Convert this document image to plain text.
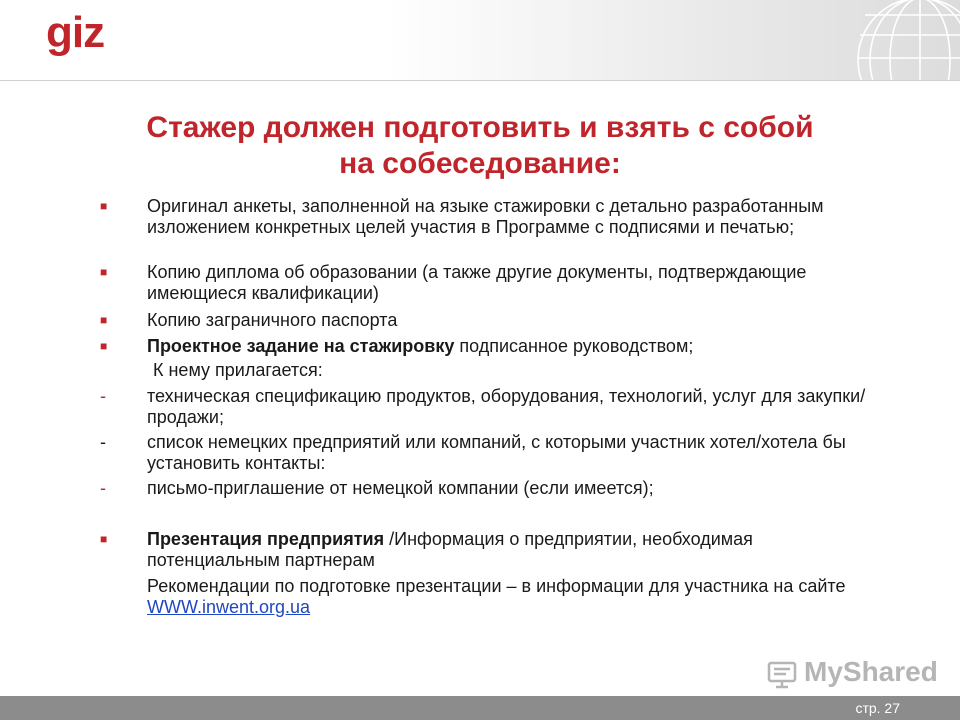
giz
Стажер должен подготовить и взять с собой
на собеседование:
■ Оригинал анкеты, заполненной на языке стажировки с детально разработанным изложением конкретных целей участия в Программе с подписями и печатью;
■ Копию диплома об образовании (а также другие документы, подтверждающие имеющиеся квалификации)
■ Копию заграничного паспорта
■ Проектное задание на стажировку подписанное руководством;
К нему прилагается:
- техническая спецификацию продуктов, оборудования, технологий, услуг для закупки/ продажи;
- список немецких предприятий или компаний, с которыми участник хотел/хотела бы установить контакты:
- письмо-приглашение от немецкой компании (если имеется);
■ Презентация предприятия /Информация о предприятии, необходимая потенциальным партнерам
Рекомендации по подготовке презентации – в информации для участника на сайте WWW.inwent.org.ua
MyShared
стр. 27
